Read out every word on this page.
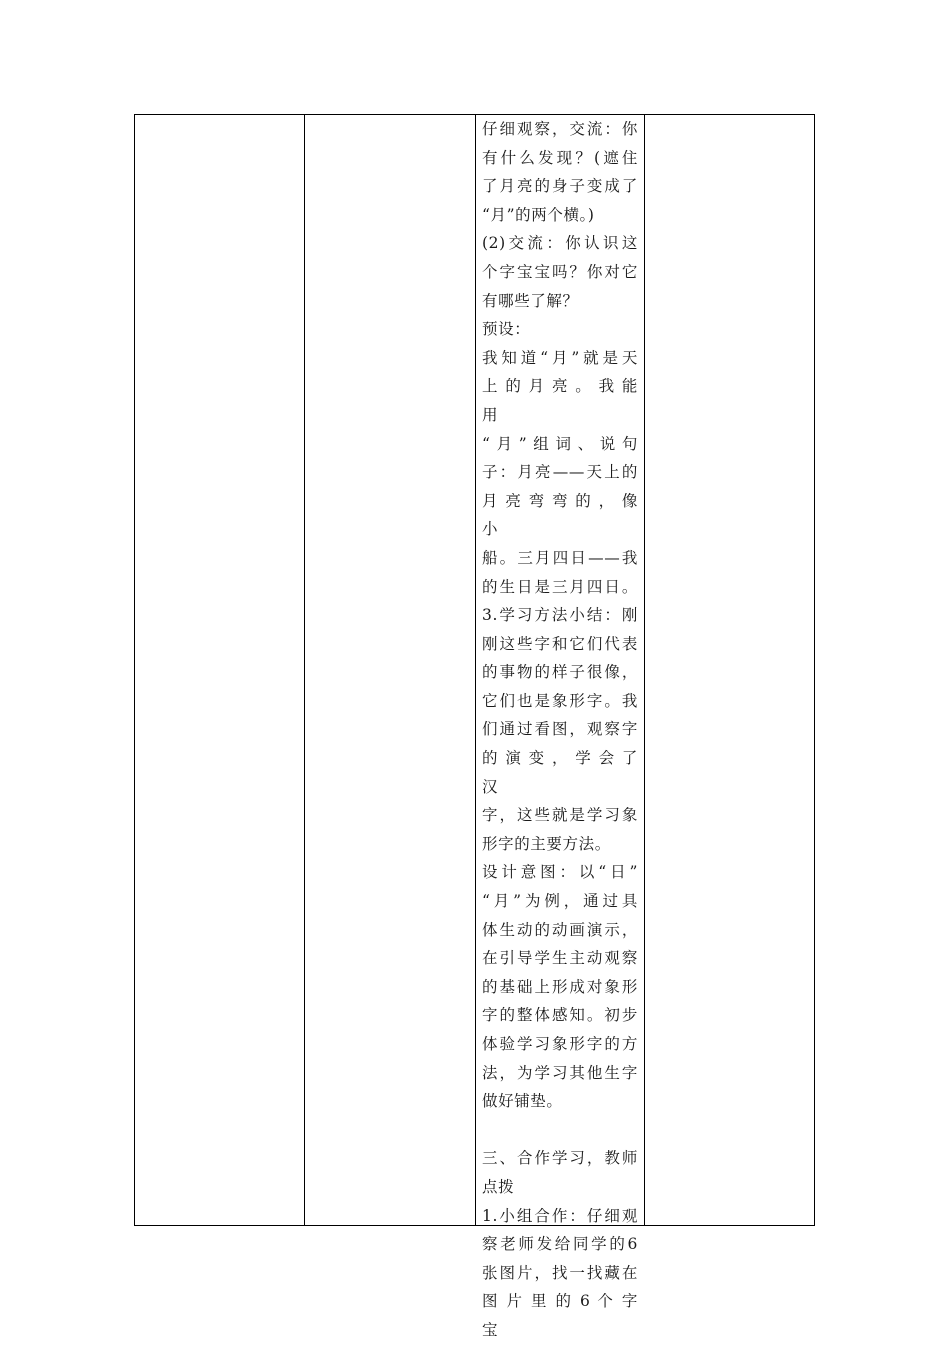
仔细观察，交流：你

有什么发现？(遮住

了月亮的身子变成了

“月”的两个横。)

(2)交流：你认识这

个字宝宝吗？你对它

有哪些了解？

预设：

我知道“月”就是天

上 的 月 亮 。 我 能 用

“月”组词、说句

子：月亮——天上的

月 亮 弯 弯 的 ， 像 小

船。三月四日——我

的生日是三月四日。

3.学习方法小结：刚

刚这些字和它们代表

的事物的样子很像，

它们也是象形字。我

们通过看图，观察字

的 演 变 ， 学 会 了 汉

字，这些就是学习象

形字的主要方法。

设计意图：以“日”

“月”为例，通过具

体生动的动画演示，

在引导学生主动观察

的基础上形成对象形

字的整体感知。初步

体验学习象形字的方

法，为学习其他生字

做好铺垫。

三、合作学习，教师

点拨

1.小组合作：仔细观

察老师发给同学的6

张图片，找一找藏在

图 片 里 的 6 个 字 宝
